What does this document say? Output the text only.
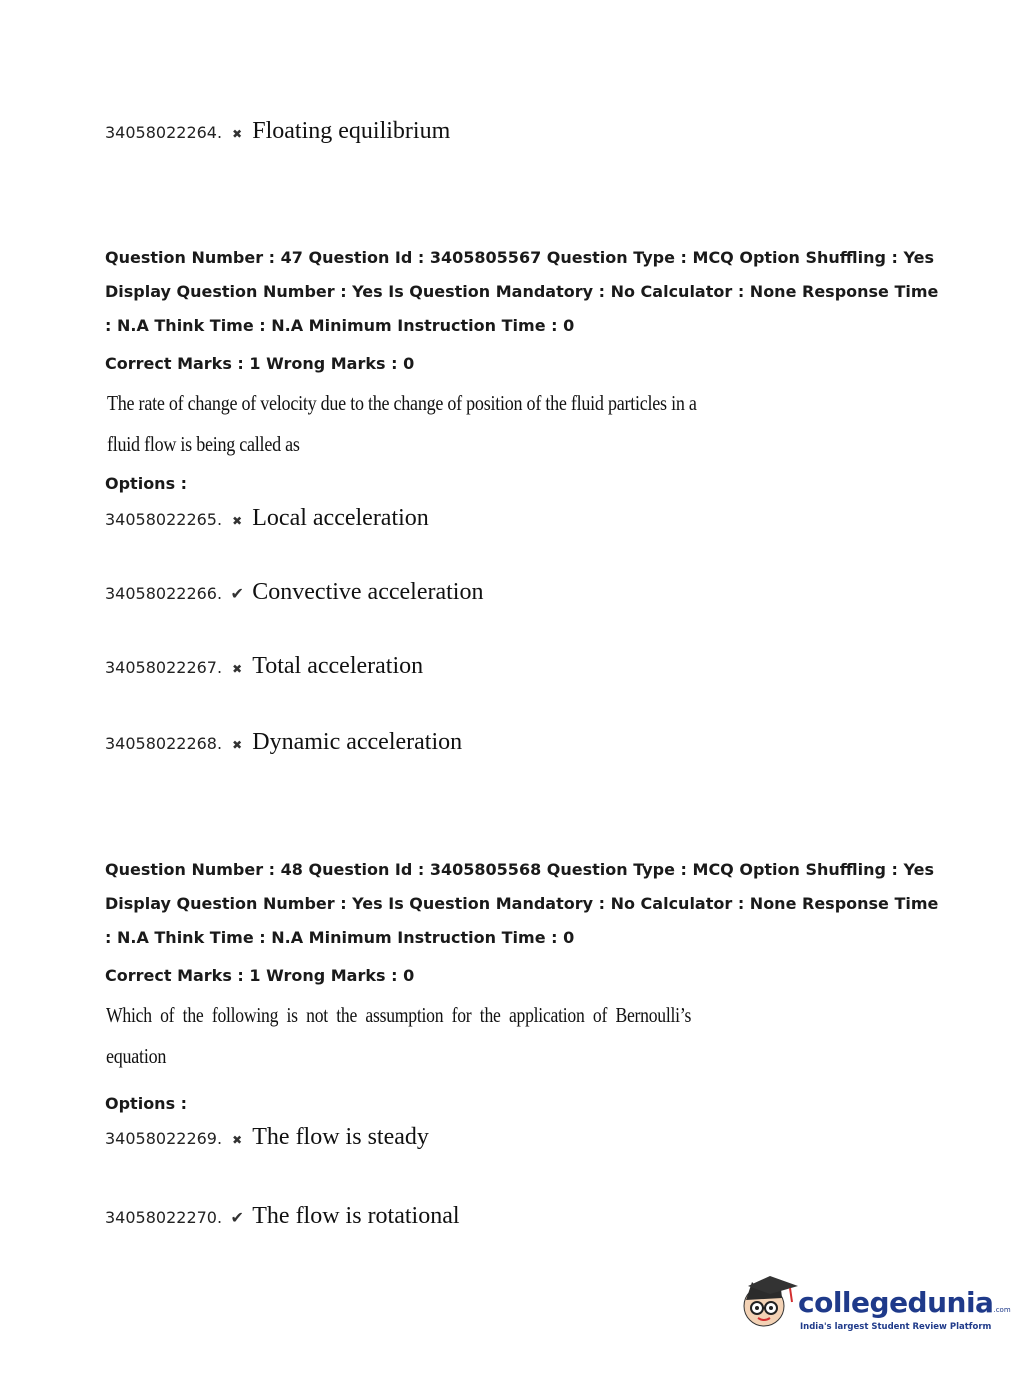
34058022264. ✖ Floating equilibrium
Question Number : 47 Question Id : 3405805567 Question Type : MCQ Option Shuffling : Yes
Display Question Number : Yes Is Question Mandatory : No Calculator : None Response Time
: N.A Think Time : N.A Minimum Instruction Time : 0
Correct Marks : 1 Wrong Marks : 0
The rate of change of velocity due to the change of position of the fluid particles in a
fluid flow is being called as
Options :
34058022265. ✖ Local acceleration
34058022266. ✔ Convective acceleration
34058022267. ✖ Total acceleration
34058022268. ✖ Dynamic acceleration
Question Number : 48 Question Id : 3405805568 Question Type : MCQ Option Shuffling : Yes
Display Question Number : Yes Is Question Mandatory : No Calculator : None Response Time
: N.A Think Time : N.A Minimum Instruction Time : 0
Correct Marks : 1 Wrong Marks : 0
Which of the following is not the assumption for the application of Bernoulli’s
equation
Options :
34058022269. ✖ The flow is steady
34058022270. ✔ The flow is rotational
collegedunia.com
India's largest Student Review Platform
